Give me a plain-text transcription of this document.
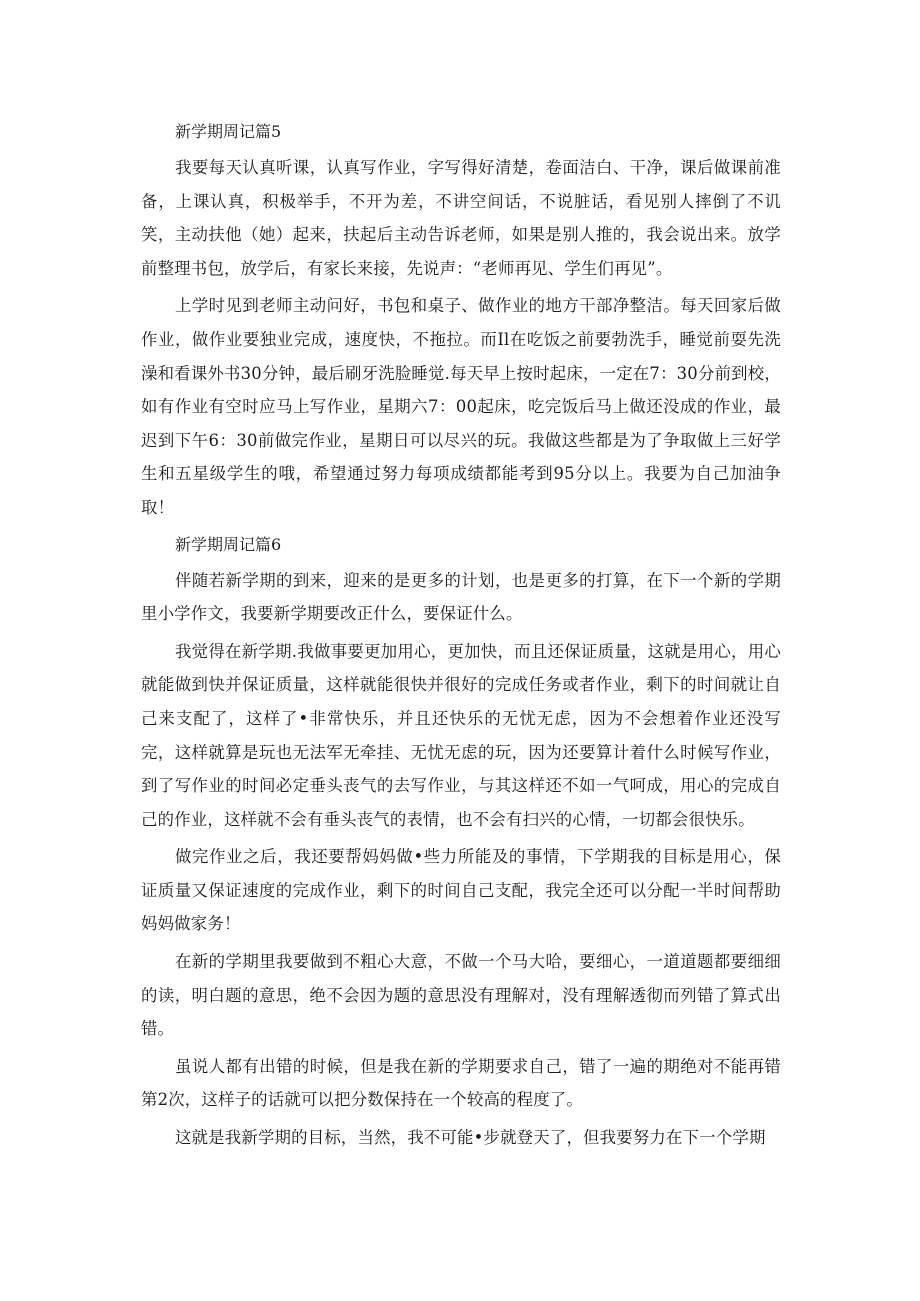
新学期周记篇5

我要每天认真听课，认真写作业，字写得好清楚，卷面洁白、干净，课后做课前准备，上课认真，积极举手，不开为差，不讲空间话，不说脏话，看见别人摔倒了不讥笑，主动扶他（她）起来，扶起后主动告诉老师，如果是别人推的，我会说出来。放学前整理书包，放学后，有家长来接，先说声：“老师再见、学生们再见”。

上学时见到老师主动问好，书包和桌子、做作业的地方干部净整洁。每天回家后做作业，做作业要独业完成，速度快，不拖拉。而Il在吃饭之前要勃洗手，睡觉前耍先洗澡和看课外书30分钟，最后刷牙洗脸睡觉.每天早上按时起床，一定在7：30分前到校，如有作业有空时应马上写作业，星期六7：00起床，吃完饭后马上做还没成的作业，最迟到下午6：30前做完作业，星期日可以尽兴的玩。我做这些都是为了争取做上三好学生和五星级学生的哦，希望通过努力每项成绩都能考到95分以上。我要为自己加油争取！

新学期周记篇6

伴随若新学期的到来，迎来的是更多的计划，也是更多的打算，在下一个新的学期里小学作文，我要新学期要改正什么，要保证什么。

我觉得在新学期.我做事要更加用心，更加快，而且还保证质量，这就是用心，用心就能做到快并保证质量，这样就能很快并很好的完成任务或者作业，剩下的时间就让自己来支配了，这样了•非常快乐，并且还快乐的无忧无虑，因为不会想着作业还没写完，这样就算是玩也无法军无牵挂、无忧无虑的玩，因为还要算计着什么时候写作业，到了写作业的时间必定垂头丧气的去写作业，与其这样还不如一气呵成，用心的完成自己的作业，这样就不会有垂头丧气的表情，也不会有扫兴的心情，一切都会很快乐。

做完作业之后，我还要帮妈妈做•些力所能及的事情，下学期我的目标是用心，保证质量又保证速度的完成作业，剩下的时间自己支配，我完全还可以分配一半时间帮助妈妈做家务！

在新的学期里我要做到不粗心大意，不做一个马大哈，要细心，一道道题都要细细的读，明白题的意思，绝不会因为题的意思没有理解对，没有理解透彻而列错了算式出错。

虽说人都有出错的时候，但是我在新的学期要求自己，错了一遍的期绝对不能再错第2次，这样子的话就可以把分数保持在一个较高的程度了。

这就是我新学期的目标，当然，我不可能•步就登天了，但我要努力在下一个学期
